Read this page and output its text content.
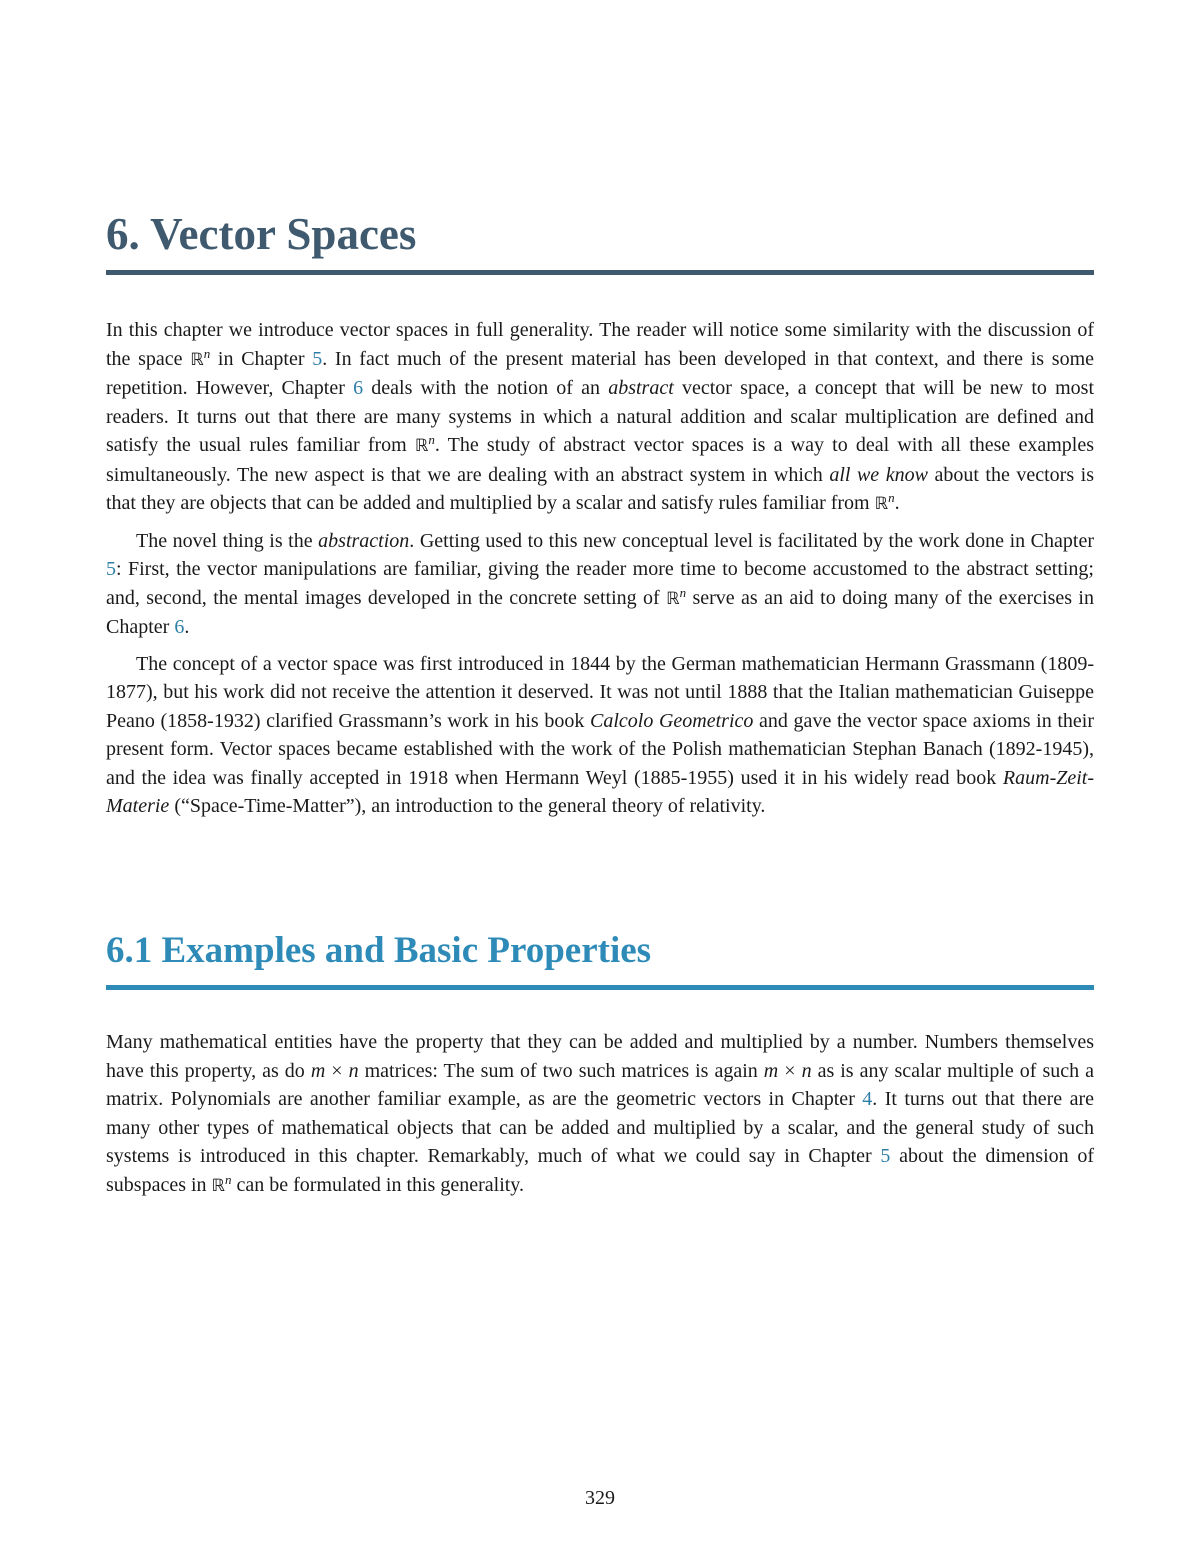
6. Vector Spaces

In this chapter we introduce vector spaces in full generality. The reader will notice some similarity with the discussion of the space ℝ$^n$ in Chapter 5. In fact much of the present material has been developed in that context, and there is some repetition. However, Chapter 6 deals with the notion of an abstract vector space, a concept that will be new to most readers. It turns out that there are many systems in which a natural addition and scalar multiplication are defined and satisfy the usual rules familiar from ℝ$^n$. The study of abstract vector spaces is a way to deal with all these examples simultaneously. The new aspect is that we are dealing with an abstract system in which all we know about the vectors is that they are objects that can be added and multiplied by a scalar and satisfy rules familiar from ℝ$^n$.

The novel thing is the abstraction. Getting used to this new conceptual level is facilitated by the work done in Chapter 5: First, the vector manipulations are familiar, giving the reader more time to become accustomed to the abstract setting; and, second, the mental images developed in the concrete setting of ℝ$^n$ serve as an aid to doing many of the exercises in Chapter 6.

The concept of a vector space was first introduced in 1844 by the German mathematician Hermann Grassmann (1809-1877), but his work did not receive the attention it deserved. It was not until 1888 that the Italian mathematician Guiseppe Peano (1858-1932) clarified Grassmann’s work in his book Calcolo Geometrico and gave the vector space axioms in their present form. Vector spaces became established with the work of the Polish mathematician Stephan Banach (1892-1945), and the idea was finally accepted in 1918 when Hermann Weyl (1885-1955) used it in his widely read book Raum-Zeit-Materie (“Space-Time-Matter”), an introduction to the general theory of relativity.

6.1 Examples and Basic Properties

Many mathematical entities have the property that they can be added and multiplied by a number. Numbers themselves have this property, as do m × n matrices: The sum of two such matrices is again m × n as is any scalar multiple of such a matrix. Polynomials are another familiar example, as are the geometric vectors in Chapter 4. It turns out that there are many other types of mathematical objects that can be added and multiplied by a scalar, and the general study of such systems is introduced in this chapter. Remarkably, much of what we could say in Chapter 5 about the dimension of subspaces in ℝ$^n$ can be formulated in this generality.

329
